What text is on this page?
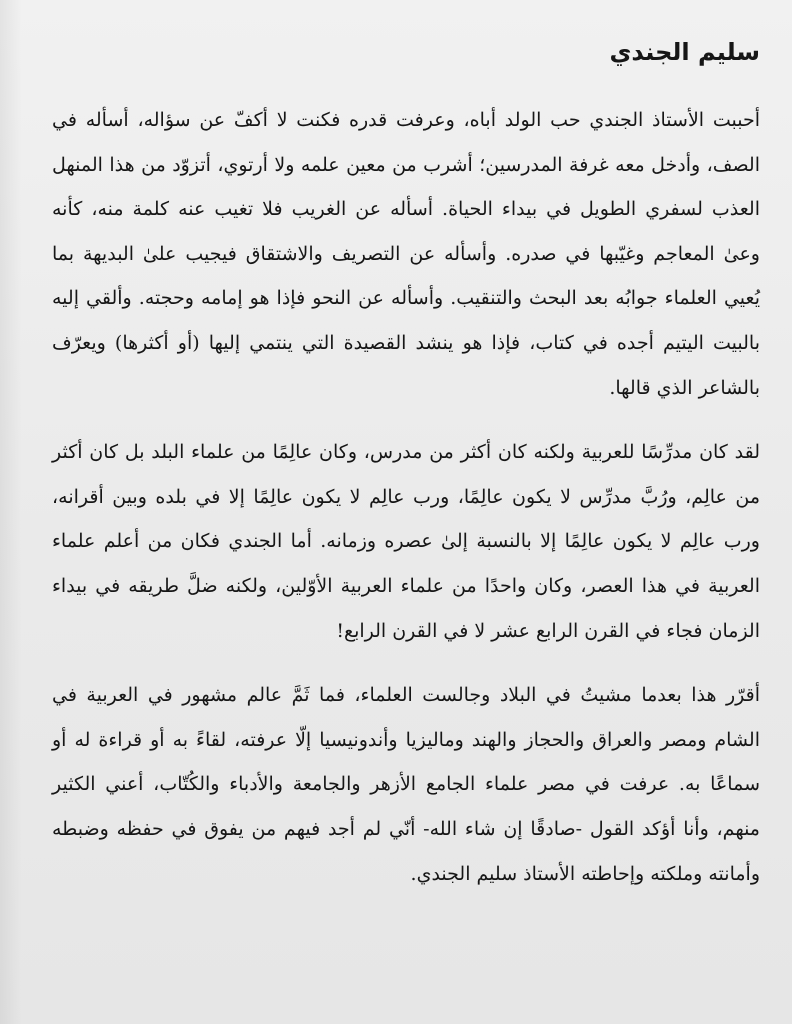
سليم الجندي

أحببت الأستاذ الجندي حب الولد أباه، وعرفت قدره فكنت لا أكفّ عن سؤاله، أسأله في الصف، وأدخل معه غرفة المدرسين؛ أشرب من معين علمه ولا أرتوي، أتزوّد من هذا المنهل العذب لسفري الطويل في بيداء الحياة. أسأله عن الغريب فلا تغيب عنه كلمة منه، كأنه وعىٰ المعاجم وغيّبها في صدره. وأسأله عن التصريف والاشتقاق فيجيب علىٰ البديهة بما يُعيي العلماء جوابُه بعد البحث والتنقيب. وأسأله عن النحو فإذا هو إمامه وحجته. وألقي إليه بالبيت اليتيم أجده في كتاب، فإذا هو ينشد القصيدة التي ينتمي إليها (أو أكثرها) ويعرّف بالشاعر الذي قالها.

لقد كان مدرِّسًا للعربية ولكنه كان أكثر من مدرس، وكان عالِمًا من علماء البلد بل كان أكثر من عالِم، ورُبَّ مدرِّس لا يكون عالِمًا، ورب عالِم لا يكون عالِمًا إلا في بلده وبين أقرانه، ورب عالِم لا يكون عالِمًا إلا بالنسبة إلىٰ عصره وزمانه. أما الجندي فكان من أعلم علماء العربية في هذا العصر، وكان واحدًا من علماء العربية الأوّلين، ولكنه ضلَّ طريقه في بيداء الزمان فجاء في القرن الرابع عشر لا في القرن الرابع!

أقرّر هذا بعدما مشيتُ في البلاد وجالست العلماء، فما ثَمَّ عالم مشهور في العربية في الشام ومصر والعراق والحجاز والهند وماليزيا وأندونيسيا إلّا عرفته، لقاءً به أو قراءة له أو سماعًا به. عرفت في مصر علماء الجامع الأزهر والجامعة والأدباء والكُتّاب، أعني الكثير منهم، وأنا أؤكد القول -صادقًا إن شاء الله- أنّي لم أجد فيهم من يفوق في حفظه وضبطه وأمانته وملكته وإحاطته الأستاذ سليم الجندي.
